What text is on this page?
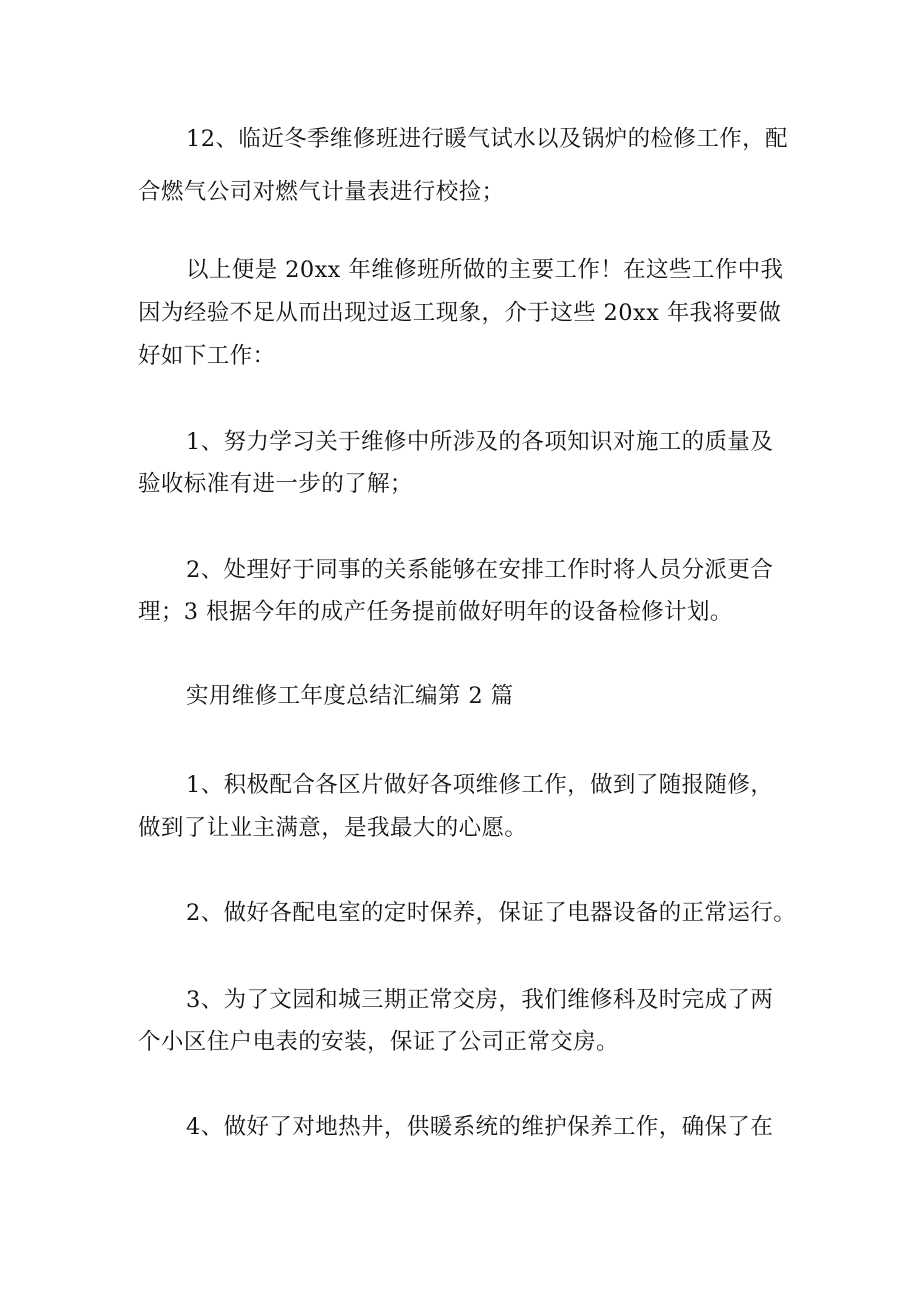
12、临近冬季维修班进行暖气试水以及锅炉的检修工作，配

合燃气公司对燃气计量表进行校捡；

以上便是 20xx 年维修班所做的主要工作！在这些工作中我

因为经验不足从而出现过返工现象，介于这些 20xx 年我将要做

好如下工作：

1、努力学习关于维修中所涉及的各项知识对施工的质量及

验收标准有进一步的了解；

2、处理好于同事的关系能够在安排工作时将人员分派更合

理；3 根据今年的成产任务提前做好明年的设备检修计划。

实用维修工年度总结汇编第 2 篇

1、积极配合各区片做好各项维修工作，做到了随报随修，

做到了让业主满意，是我最大的心愿。

2、做好各配电室的定时保养，保证了电器设备的正常运行。

3、为了文园和城三期正常交房，我们维修科及时完成了两

个小区住户电表的安装，保证了公司正常交房。

4、做好了对地热井，供暖系统的维护保养工作，确保了在
